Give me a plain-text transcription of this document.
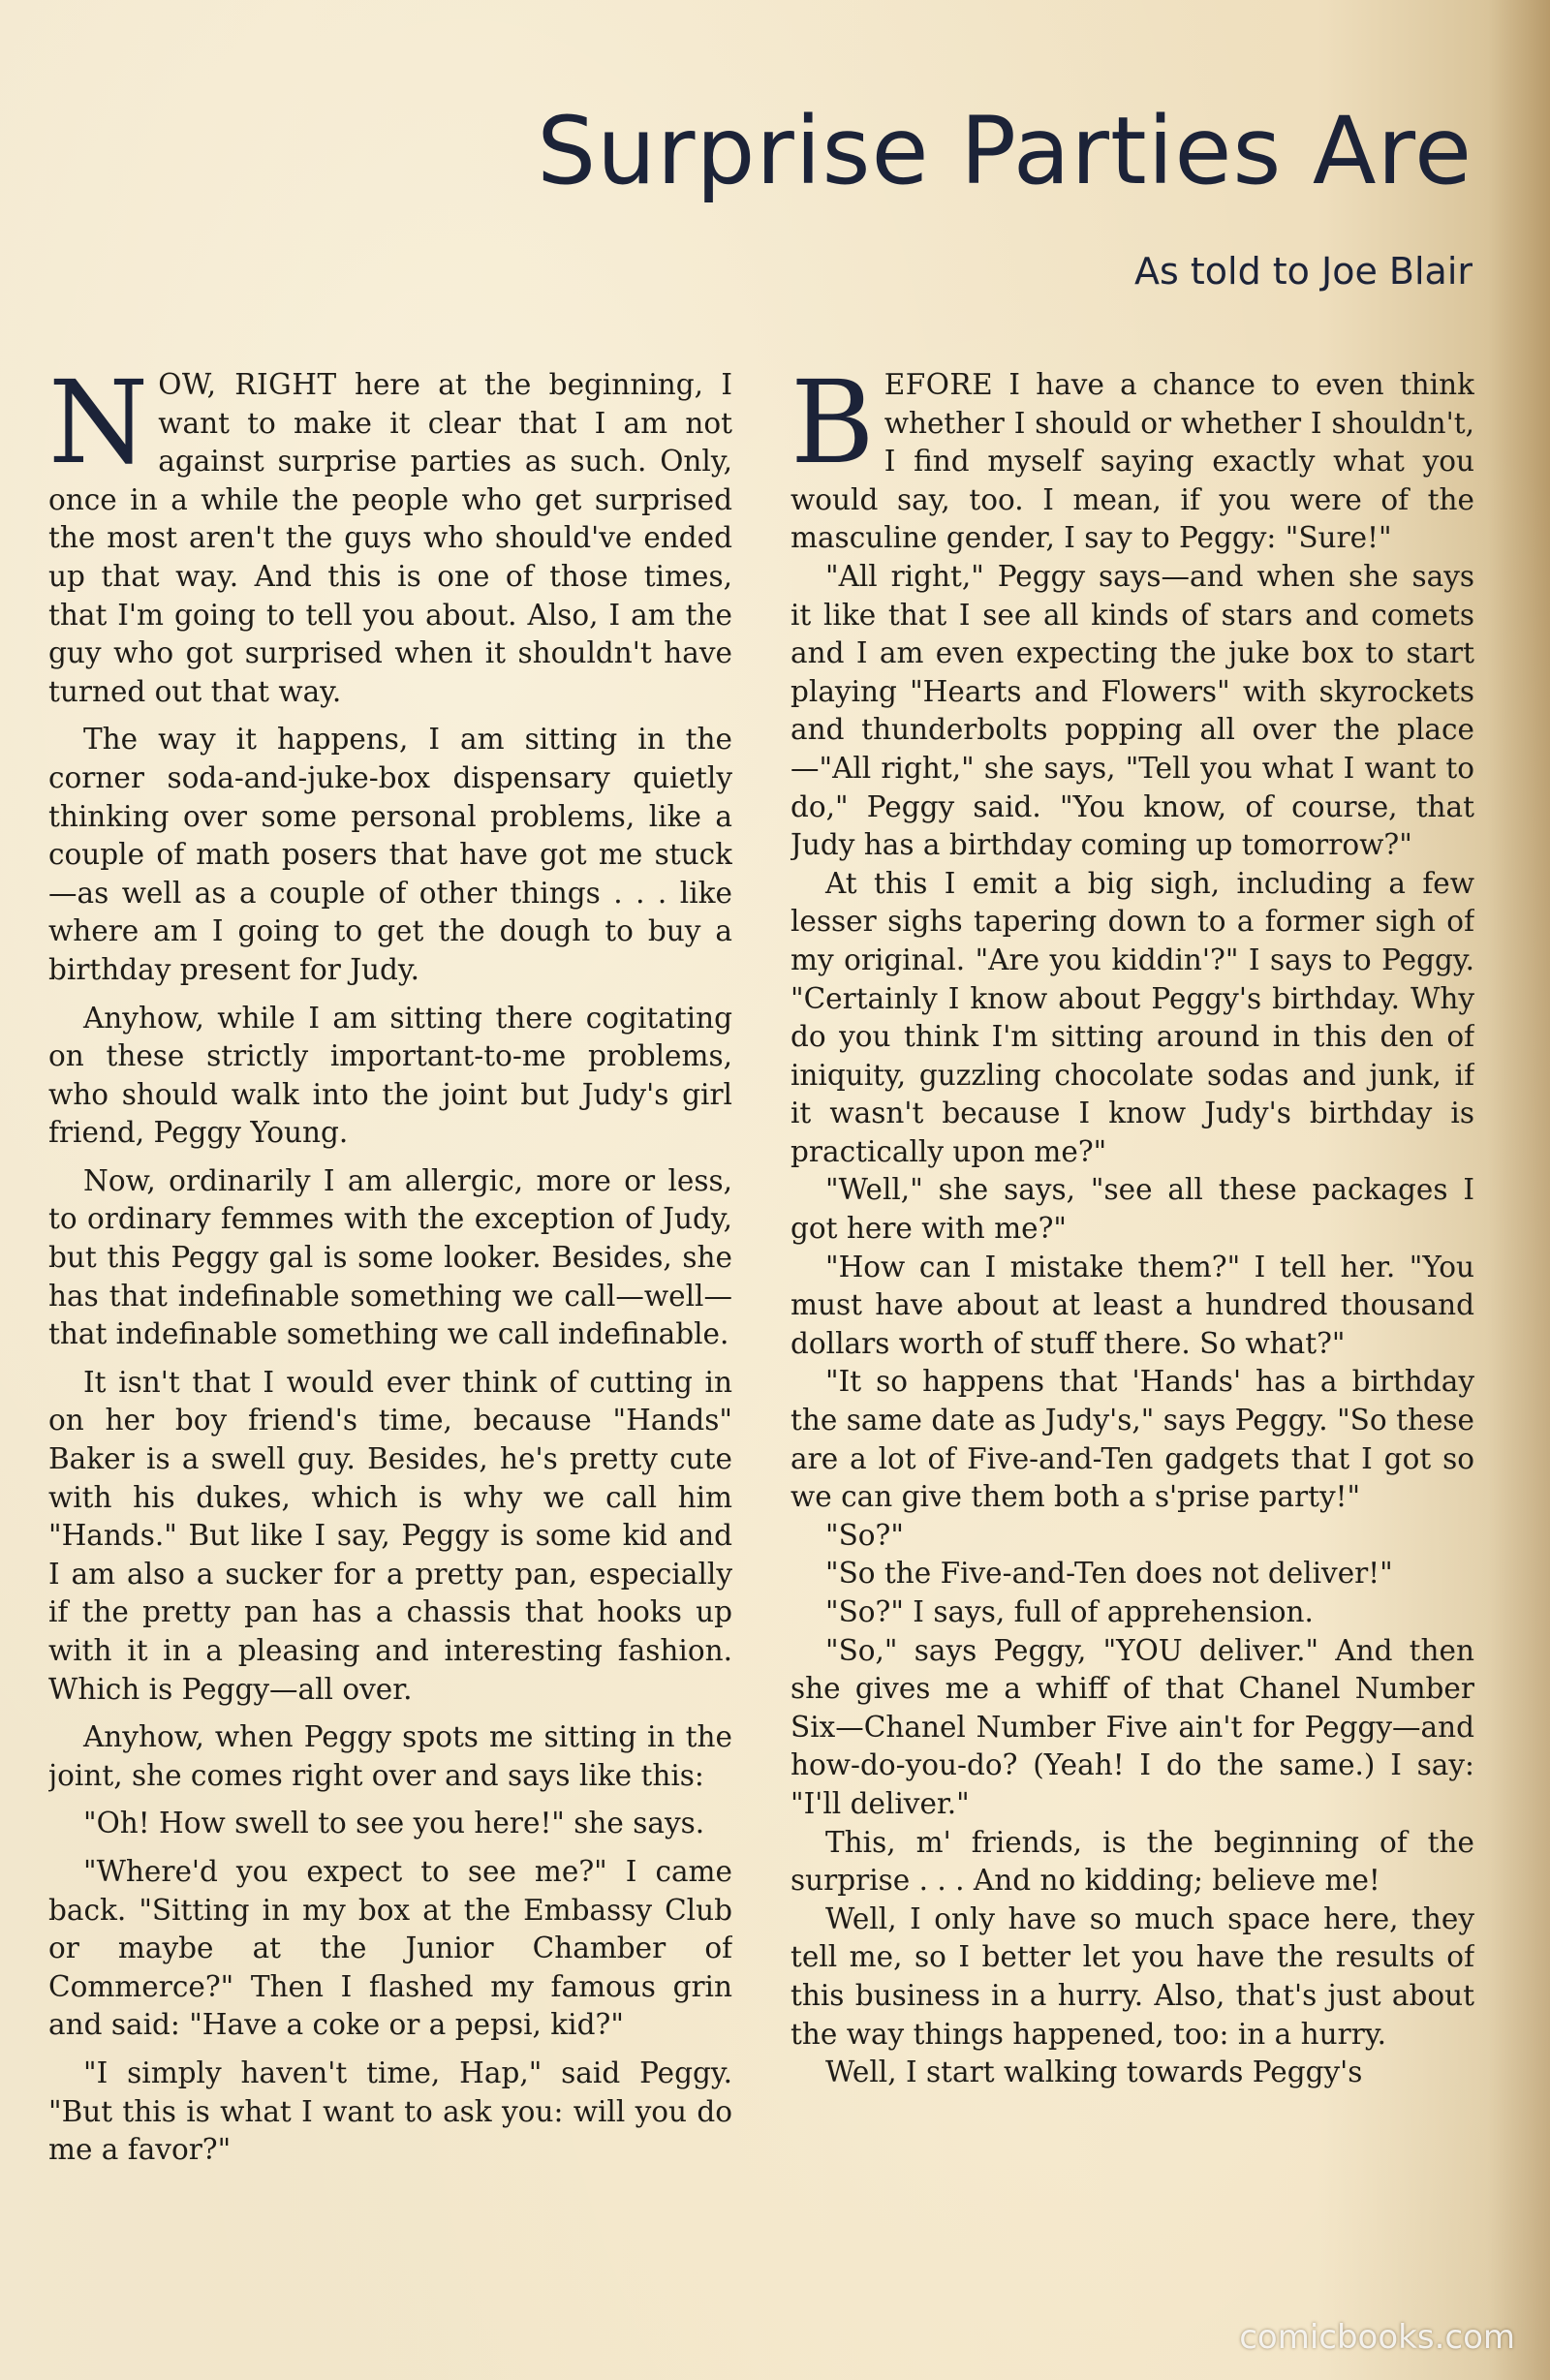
Surprise Parties Are
As told to Joe Blair

NOW, RIGHT here at the beginning, I want to make it clear that I am not against surprise parties as such. Only, once in a while the people who get surprised the most aren't the guys who should've ended up that way. And this is one of those times, that I'm going to tell you about. Also, I am the guy who got surprised when it shouldn't have turned out that way.

The way it happens, I am sitting in the corner soda-and-juke-box dispensary quietly thinking over some personal problems, like a couple of math posers that have got me stuck—as well as a couple of other things . . . like where am I going to get the dough to buy a birthday present for Judy.

Anyhow, while I am sitting there cogitating on these strictly important-to-me problems, who should walk into the joint but Judy's girl friend, Peggy Young.

Now, ordinarily I am allergic, more or less, to ordinary femmes with the exception of Judy, but this Peggy gal is some looker. Besides, she has that indefinable something we call—well—that indefinable something we call indefinable.

It isn't that I would ever think of cutting in on her boy friend's time, because "Hands" Baker is a swell guy. Besides, he's pretty cute with his dukes, which is why we call him "Hands." But like I say, Peggy is some kid and I am also a sucker for a pretty pan, especially if the pretty pan has a chassis that hooks up with it in a pleasing and interesting fashion. Which is Peggy—all over.

Anyhow, when Peggy spots me sitting in the joint, she comes right over and says like this:

"Oh! How swell to see you here!" she says.

"Where'd you expect to see me?" I came back. "Sitting in my box at the Embassy Club or maybe at the Junior Chamber of Commerce?" Then I flashed my famous grin and said: "Have a coke or a pepsi, kid?"

"I simply haven't time, Hap," said Peggy. "But this is what I want to ask you: will you do me a favor?"

BEFORE I have a chance to even think whether I should or whether I shouldn't, I find myself saying exactly what you would say, too. I mean, if you were of the masculine gender, I say to Peggy: "Sure!"

"All right," Peggy says—and when she says it like that I see all kinds of stars and comets and I am even expecting the juke box to start playing "Hearts and Flowers" with skyrockets and thunderbolts popping all over the place—"All right," she says, "Tell you what I want to do," Peggy said. "You know, of course, that Judy has a birthday coming up tomorrow?"

At this I emit a big sigh, including a few lesser sighs tapering down to a former sigh of my original. "Are you kiddin'?" I says to Peggy. "Certainly I know about Peggy's birthday. Why do you think I'm sitting around in this den of iniquity, guzzling chocolate sodas and junk, if it wasn't because I know Judy's birthday is practically upon me?"

"Well," she says, "see all these packages I got here with me?"

"How can I mistake them?" I tell her. "You must have about at least a hundred thousand dollars worth of stuff there. So what?"

"It so happens that 'Hands' has a birthday the same date as Judy's," says Peggy. "So these are a lot of Five-and-Ten gadgets that I got so we can give them both a s'prise party!"

"So?"

"So the Five-and-Ten does not deliver!"

"So?" I says, full of apprehension.

"So," says Peggy, "YOU deliver." And then she gives me a whiff of that Chanel Number Six—Chanel Number Five ain't for Peggy—and how-do-you-do? (Yeah! I do the same.) I say: "I'll deliver."

This, m' friends, is the beginning of the surprise . . . And no kidding; believe me!

Well, I only have so much space here, they tell me, so I better let you have the results of this business in a hurry. Also, that's just about the way things happened, too: in a hurry.

Well, I start walking towards Peggy's

comicbooks.com
